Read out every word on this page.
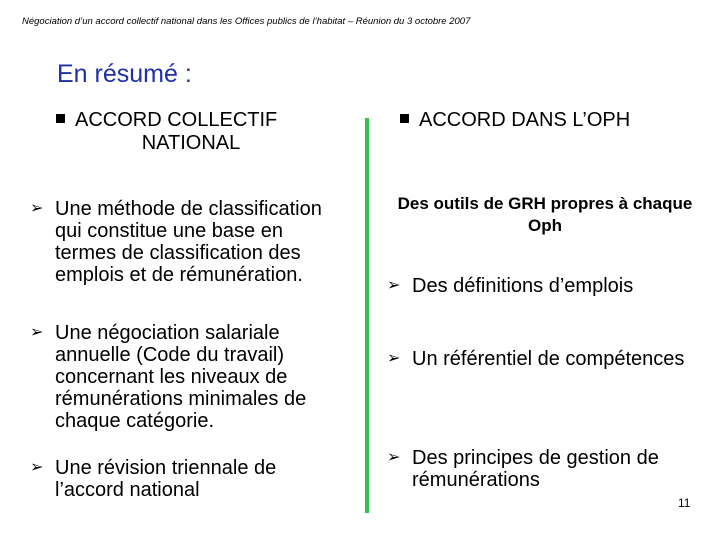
Négociation d’un accord collectif national dans les Offices publics de l’habitat – Réunion du 3 octobre 2007
En résumé :
ACCORD COLLECTIF
NATIONAL
ACCORD DANS L’OPH
➢ Une méthode de classification qui constitue une base en termes de classification des emplois et de rémunération.
➢ Une négociation salariale annuelle (Code du travail) concernant les niveaux de rémunérations minimales de chaque catégorie.
➢ Une révision triennale de l’accord national
Des outils de GRH propres à chaque Oph
➢ Des définitions d’emplois
➢ Un référentiel de compétences
➢ Des principes de gestion de rémunérations
11
